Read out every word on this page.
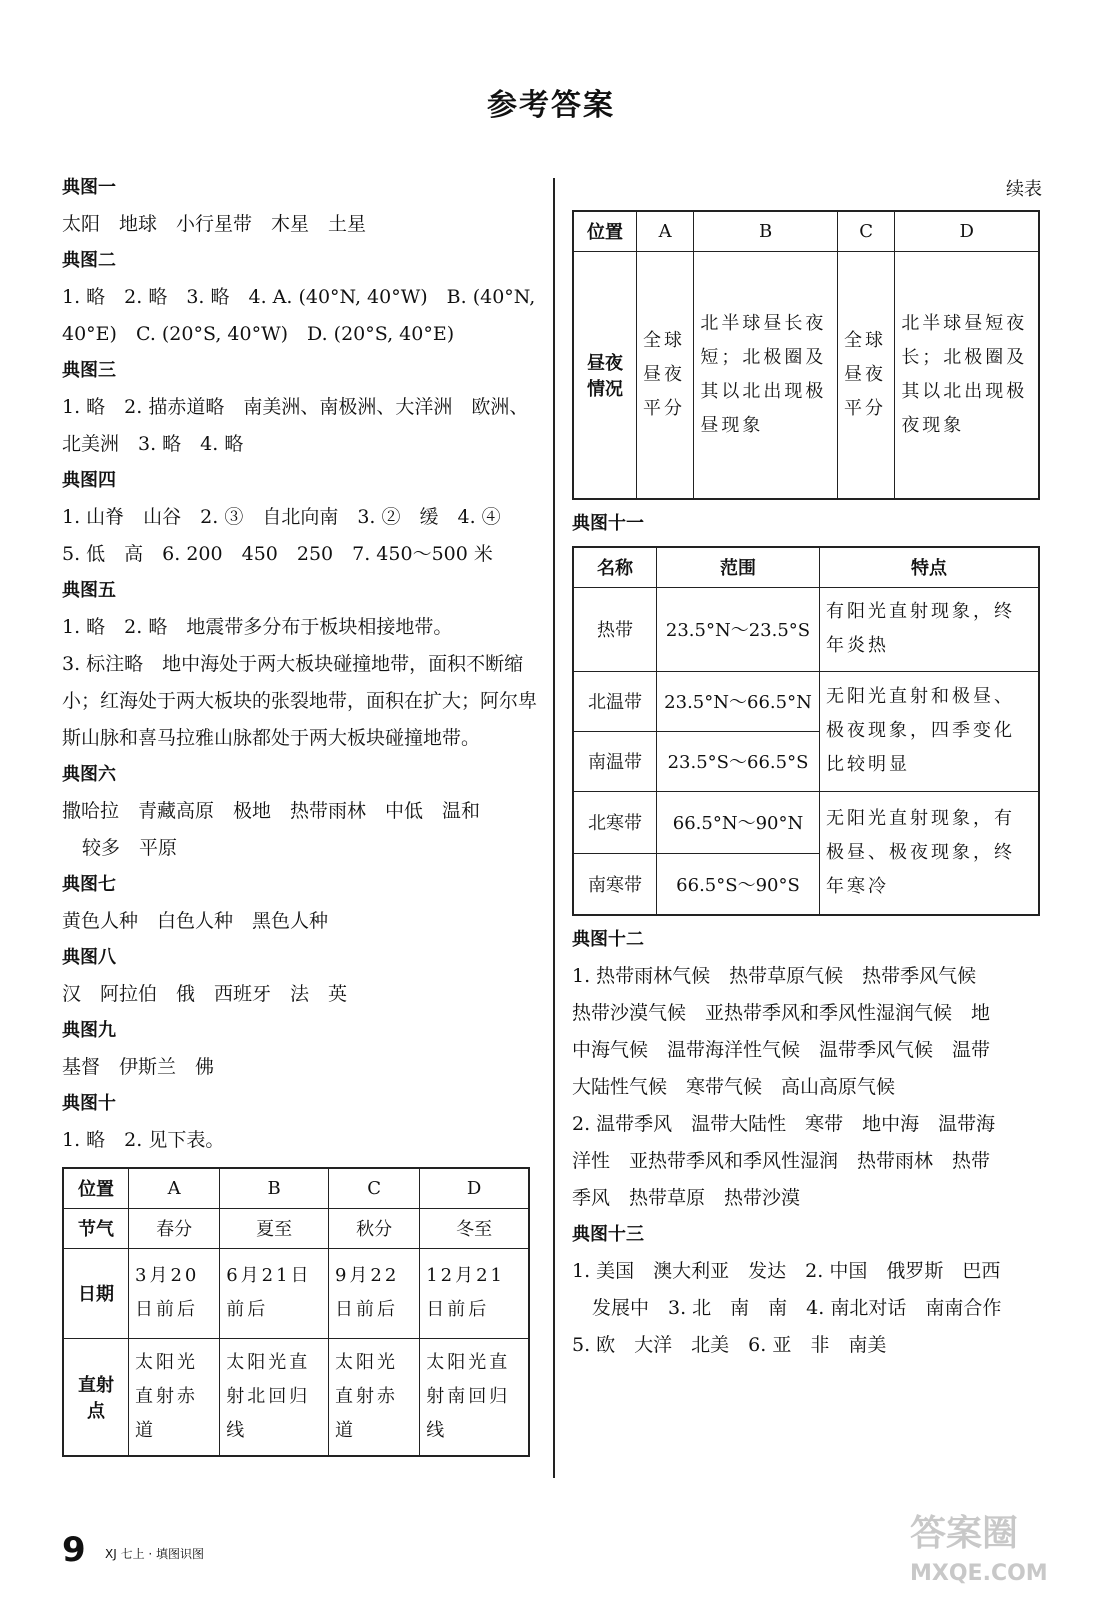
参考答案
典图一
太阳　地球　小行星带　木星　土星
典图二
1. 略　2. 略　3. 略　4. A. (40°N, 40°W)　B. (40°N,
40°E)　C. (20°S, 40°W)　D. (20°S, 40°E)
典图三
1. 略　2. 描赤道略　南美洲、南极洲、大洋洲　欧洲、
北美洲　3. 略　4. 略
典图四
1. 山脊　山谷　2. ③　自北向南　3. ②　缓　4. ④
5. 低　高　6. 200　450　250　7. 450～500 米
典图五
1. 略　2. 略　地震带多分布于板块相接地带。
3. 标注略　地中海处于两大板块碰撞地带，面积不断缩
小；红海处于两大板块的张裂地带，面积在扩大；阿尔卑
斯山脉和喜马拉雅山脉都处于两大板块碰撞地带。
典图六
撒哈拉　青藏高原　极地　热带雨林　中低　温和
较多　平原
典图七
黄色人种　白色人种　黑色人种
典图八
汉　阿拉伯　俄　西班牙　法　英
典图九
基督　伊斯兰　佛
典图十
1. 略　2. 见下表。
位置	A	B	C	D
节气	春分	夏至	秋分	冬至
日期	3月20日前后	6月21日前后	9月22日前后	12月21日前后
直射点	太阳光直射赤道	太阳光直射北回归线	太阳光直射赤道	太阳光直射南回归线
续表
位置	A	B	C	D
昼夜情况	全球昼夜平分	北半球昼长夜短；北极圈及其以北出现极昼现象	全球昼夜平分	北半球昼短夜长；北极圈及其以北出现极夜现象
典图十一
名称	范围	特点
热带	23.5°N～23.5°S	有阳光直射现象，终年炎热
北温带	23.5°N～66.5°N	无阳光直射和极昼、极夜现象，四季变化比较明显
南温带	23.5°S～66.5°S	
北寒带	66.5°N～90°N	无阳光直射现象，有极昼、极夜现象，终年寒冷
南寒带	66.5°S～90°S	
典图十二
1. 热带雨林气候　热带草原气候　热带季风气候
热带沙漠气候　亚热带季风和季风性湿润气候　地
中海气候　温带海洋性气候　温带季风气候　温带
大陆性气候　寒带气候　高山高原气候
2. 温带季风　温带大陆性　寒带　地中海　温带海
洋性　亚热带季风和季风性湿润　热带雨林　热带
季风　热带草原　热带沙漠
典图十三
1. 美国　澳大利亚　发达　2. 中国　俄罗斯　巴西
发展中　3. 北　南　南　4. 南北对话　南南合作
5. 欧　大洋　北美　6. 亚　非　南美
9 XJ 七上 · 填图识图	答案圈
MXQE.COM
